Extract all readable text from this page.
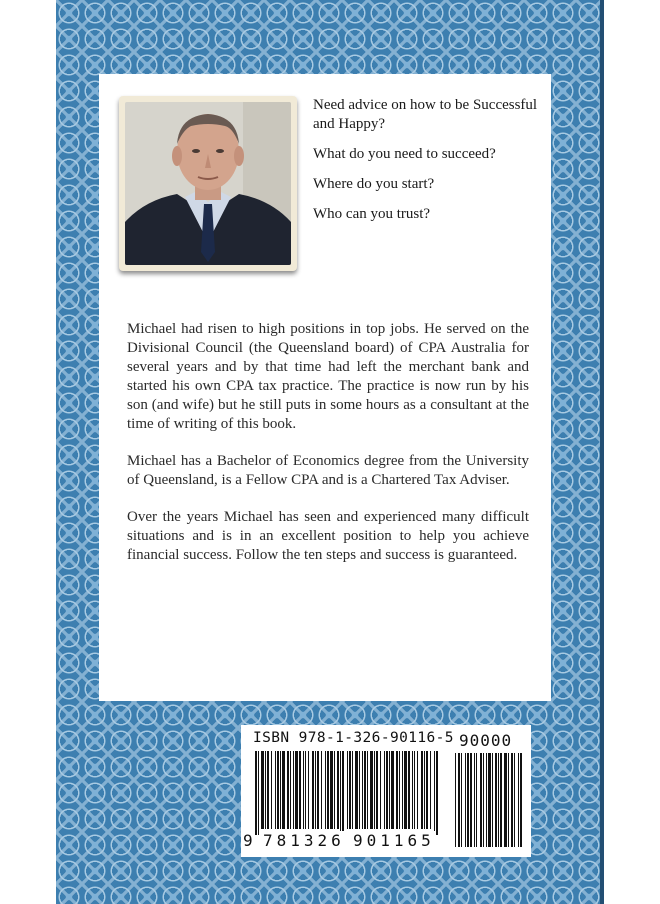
Need advice on how to be Successful and Happy?

What do you need to succeed?

Where do you start?

Who can you trust?

Michael had risen to high positions in top jobs. He served on the Divisional Council (the Queensland board) of CPA Australia for several years and by that time had left the merchant bank and started his own CPA tax practice. The practice is now run by his son (and wife) but he still puts in some hours as a consultant at the time of writing of this book.

Michael has a Bachelor of Economics degree from the University of Queensland, is a Fellow CPA and is a Chartered Tax Adviser.

Over the years Michael has seen and experienced many difficult situations and is in an excellent position to help you achieve financial success. Follow the ten steps and success is guaranteed.

ISBN 978-1-326-90116-5 90000
9 781326 901165
